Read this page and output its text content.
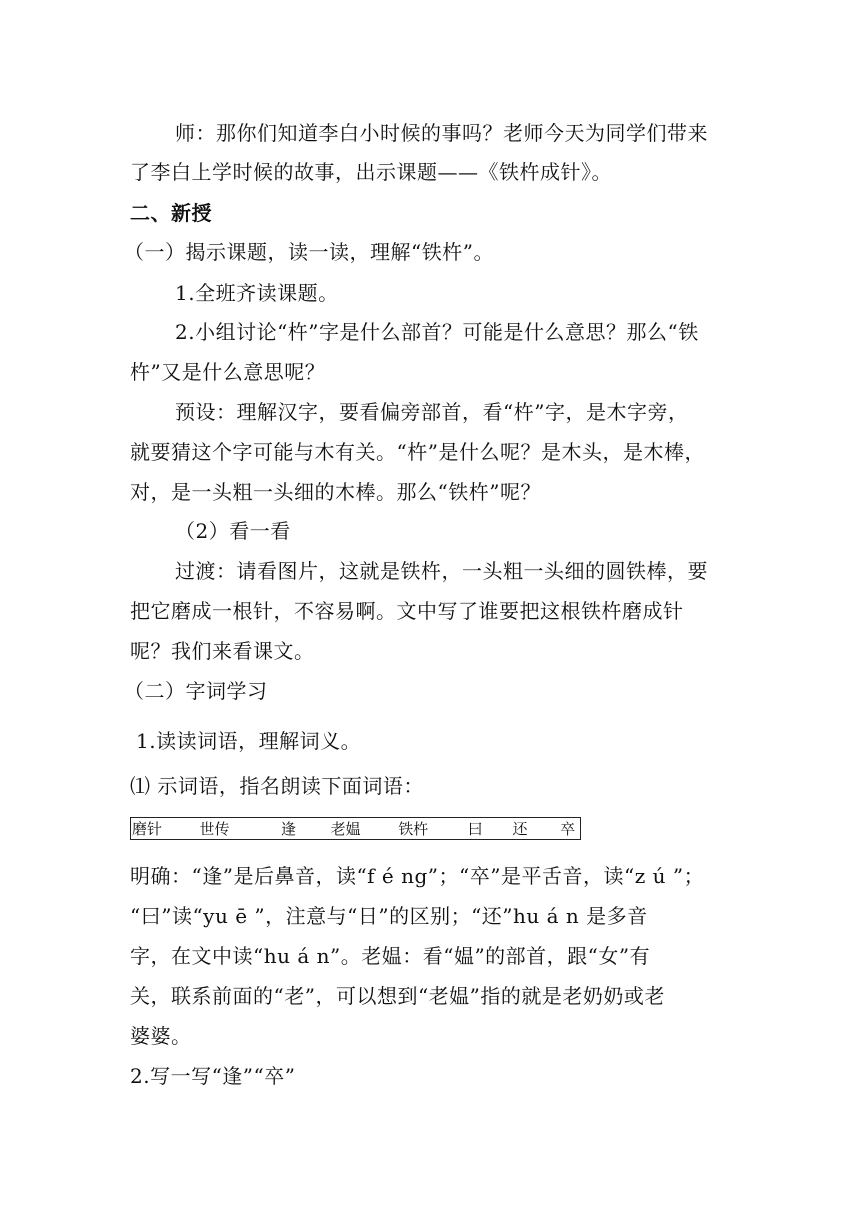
师：那你们知道李白小时候的事吗？老师今天为同学们带来
了李白上学时候的故事，出示课题——《铁杵成针》。
二、新授
（一）揭示课题，读一读，理解“铁杵”。
1.全班齐读课题。
2.小组讨论“杵”字是什么部首？可能是什么意思？那么“铁
杵”又是什么意思呢？
预设：理解汉字，要看偏旁部首，看“杵”字，是木字旁，
就要猜这个字可能与木有关。“杵”是什么呢？是木头，是木棒，
对，是一头粗一头细的木棒。那么“铁杵”呢？
（2）看一看
过渡：请看图片，这就是铁杵，一头粗一头细的圆铁棒，要
把它磨成一根针，不容易啊。文中写了谁要把这根铁杵磨成针
呢？我们来看课文。
（二）字词学习
1.读读词语，理解词义。
⑴ 示词语，指名朗读下面词语：
磨针	世传	逢	老媪	铁杵	曰	还	卒
明确：“逢”是后鼻音，读“f é ng”；“卒”是平舌音，读“z ú ”；
“曰”读“yu ē ”，注意与“日”的区别；“还”hu á n 是多音
字，在文中读“hu á n”。老媪：看“媪”的部首，跟“女”有
关，联系前面的“老”，可以想到“老媪”指的就是老奶奶或老
婆婆。
2.写一写“逢”“卒”
